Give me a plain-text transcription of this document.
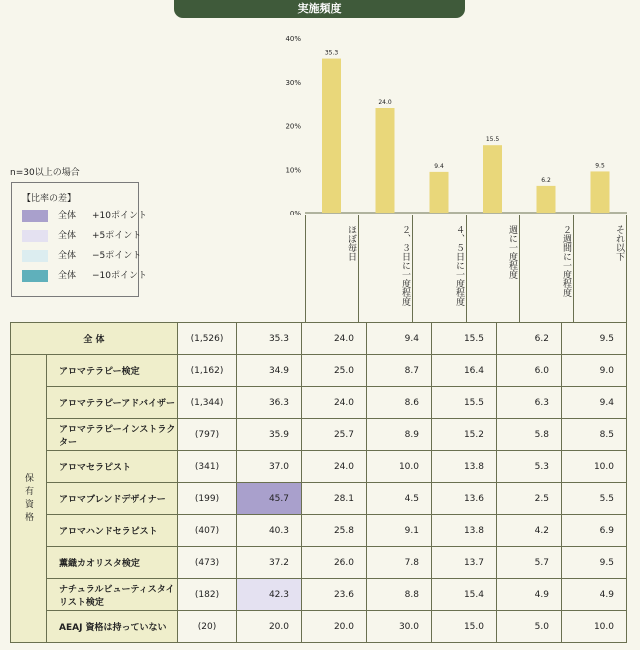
実施頻度
0%
10%
20%
30%
40%
35.3
24.0
9.4
15.5
6.2
9.5
n=30以上の場合
【比率の差】
全体 +10ポイント
全体 +5ポイント
全体 −5ポイント
全体 −10ポイント
ほぼ毎日	２、３日に一度程度	４、５日に一度程度	週に一度程度	２週間に一度程度	それ以下
全 体		(1,526)	35.3	24.0	9.4	15.5	6.2	9.5

保有資格	アロマテラピー検定	(1,162)	34.9	25.0	8.7	16.4	6.0	9.0
	アロマテラピーアドバイザー	(1,344)	36.3	24.0	8.6	15.5	6.3	9.4
	アロマテラピーインストラクター	(797)	35.9	25.7	8.9	15.2	5.8	8.5
	アロマセラピスト	(341)	37.0	24.0	10.0	13.8	5.3	10.0
	アロマブレンドデザイナー	(199)	45.7	28.1	4.5	13.6	2.5	5.5
	アロマハンドセラピスト	(407)	40.3	25.8	9.1	13.8	4.2	6.9
	薫織カオリスタ検定	(473)	37.2	26.0	7.8	13.7	5.7	9.5
	ナチュラルビューティスタイリスト検定	(182)	42.3	23.6	8.8	15.4	4.9	4.9
	AEAJ 資格は持っていない	(20)	20.0	20.0	30.0	15.0	5.0	10.0
